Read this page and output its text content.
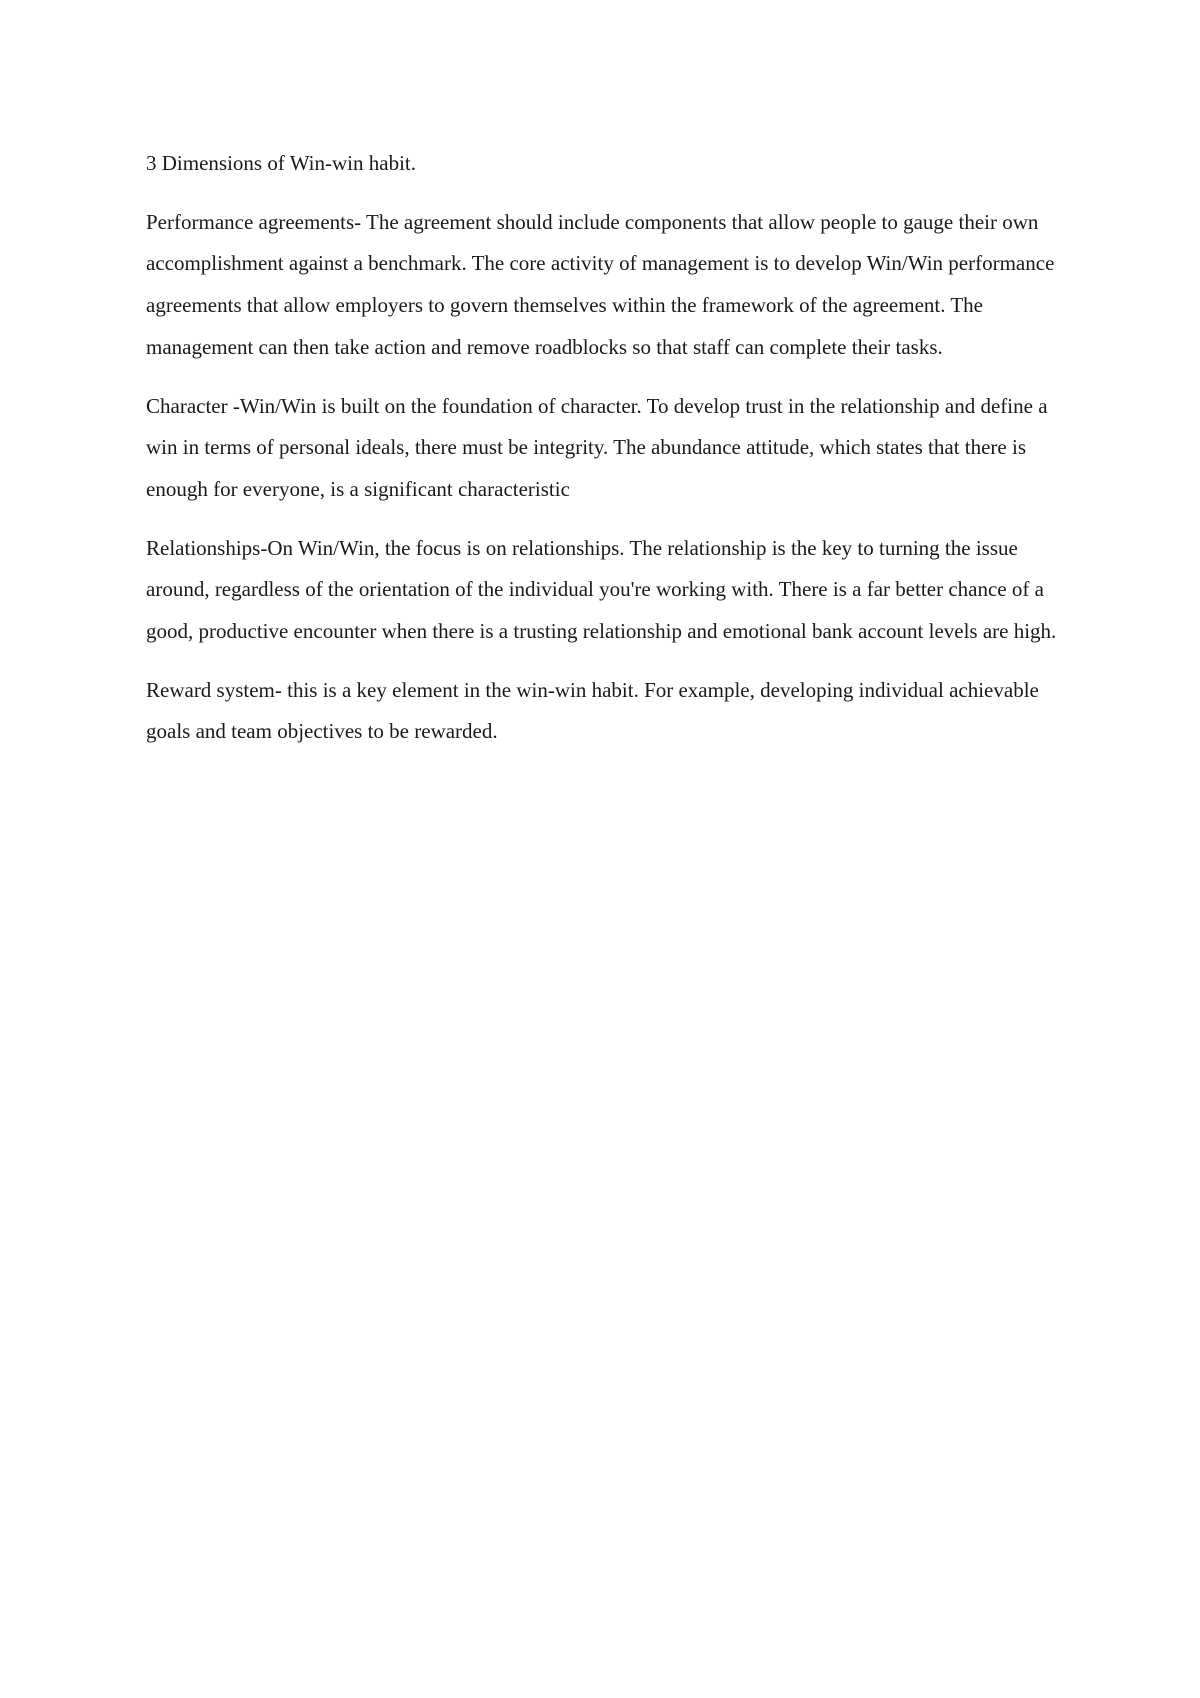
3 Dimensions of Win-win habit.

Performance agreements- The agreement should include components that allow people to gauge their own accomplishment against a benchmark. The core activity of management is to develop Win/Win performance agreements that allow employers to govern themselves within the framework of the agreement. The management can then take action and remove roadblocks so that staff can complete their tasks.

Character -Win/Win is built on the foundation of character. To develop trust in the relationship and define a win in terms of personal ideals, there must be integrity. The abundance attitude, which states that there is enough for everyone, is a significant characteristic

Relationships-On Win/Win, the focus is on relationships. The relationship is the key to turning the issue around, regardless of the orientation of the individual you're working with. There is a far better chance of a good, productive encounter when there is a trusting relationship and emotional bank account levels are high.

Reward system- this is a key element in the win-win habit. For example, developing individual achievable goals and team objectives to be rewarded.
